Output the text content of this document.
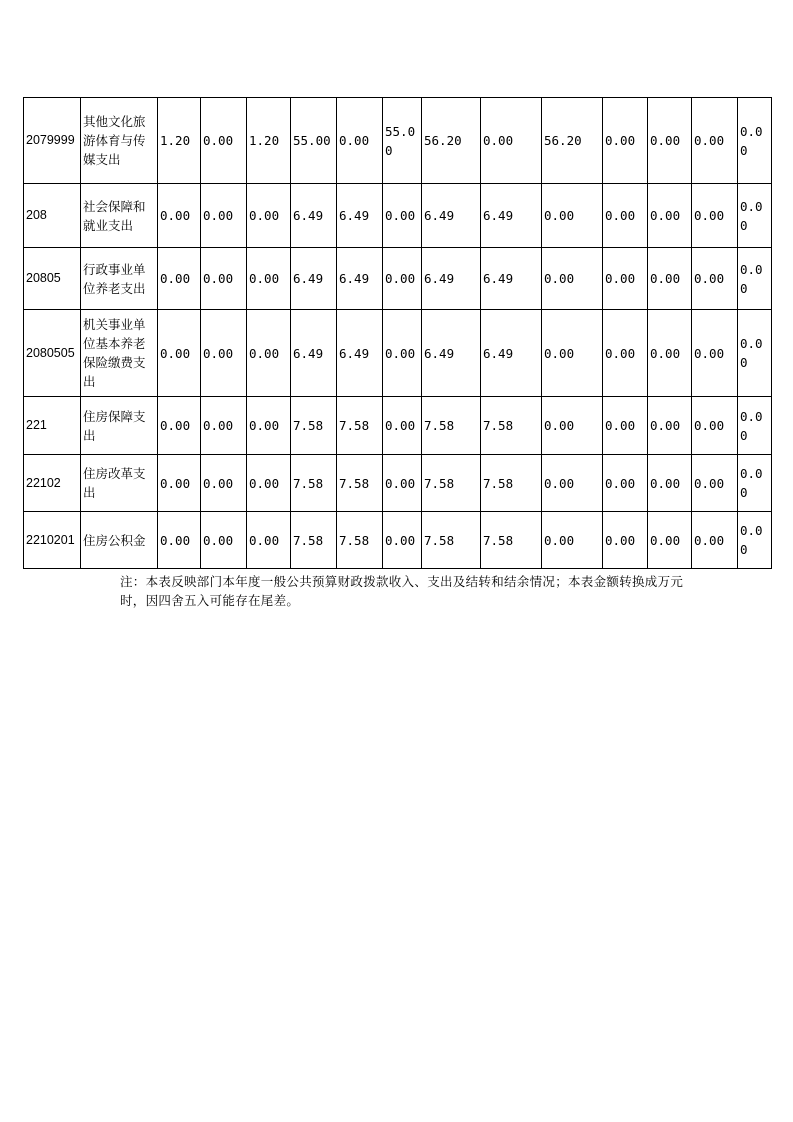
2079999	其他文化旅游体育与传媒支出	1.20	0.00	1.20	55.00	0.00	55.00	56.20	0.00	56.20	0.00	0.00	0.00	0.00
208	社会保障和就业支出	0.00	0.00	0.00	6.49	6.49	0.00	6.49	6.49	0.00	0.00	0.00	0.00	0.00
20805	行政事业单位养老支出	0.00	0.00	0.00	6.49	6.49	0.00	6.49	6.49	0.00	0.00	0.00	0.00	0.00
2080505	机关事业单位基本养老保险缴费支出	0.00	0.00	0.00	6.49	6.49	0.00	6.49	6.49	0.00	0.00	0.00	0.00	0.00
221	住房保障支出	0.00	0.00	0.00	7.58	7.58	0.00	7.58	7.58	0.00	0.00	0.00	0.00	0.00
22102	住房改革支出	0.00	0.00	0.00	7.58	7.58	0.00	7.58	7.58	0.00	0.00	0.00	0.00	0.00
2210201	住房公积金	0.00	0.00	0.00	7.58	7.58	0.00	7.58	7.58	0.00	0.00	0.00	0.00	0.00
注：本表反映部门本年度一般公共预算财政拨款收入、支出及结转和结余情况；本表金额转换成万元时，因四舍五入可能存在尾差。
